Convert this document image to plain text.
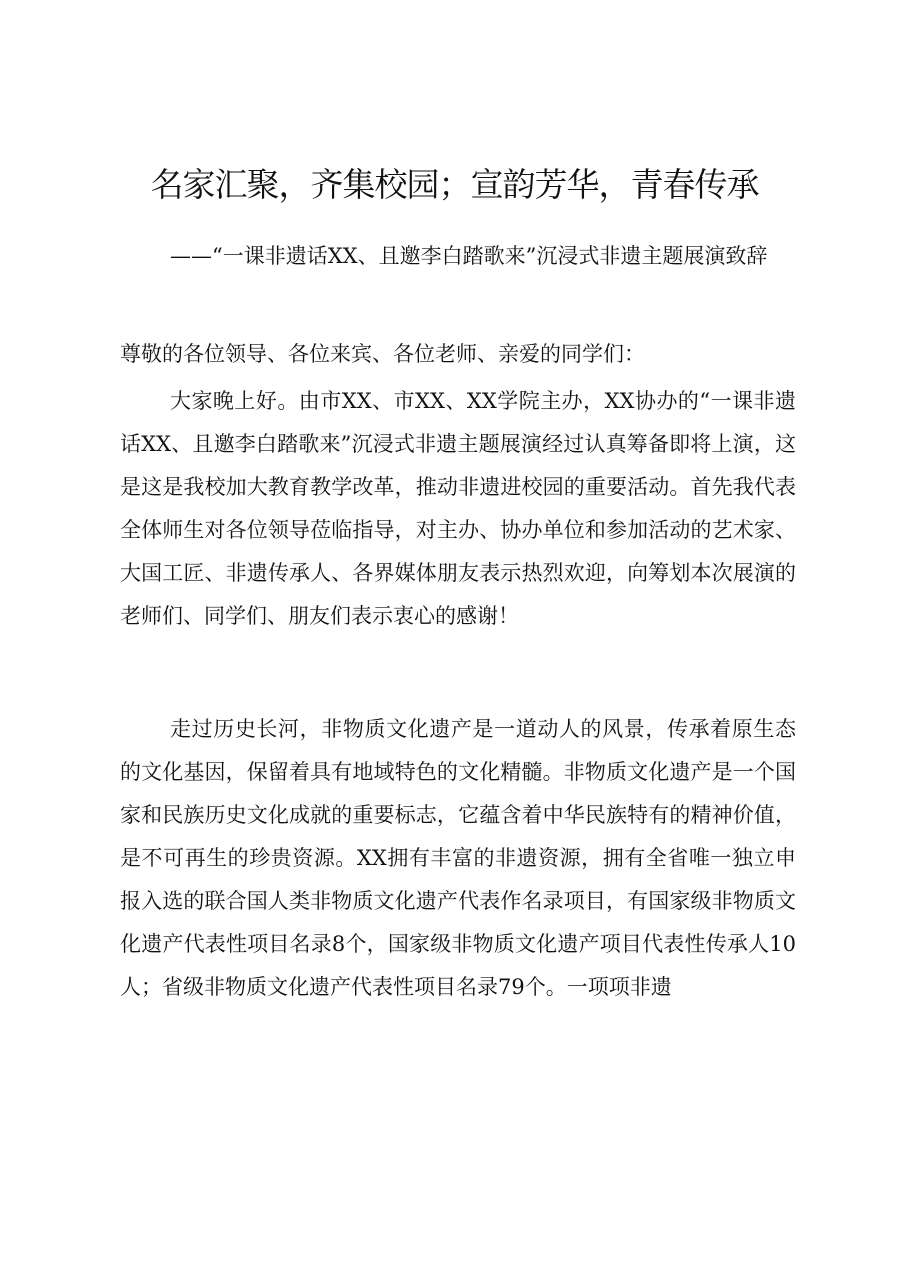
名家汇聚，齐集校园；宣韵芳华，青春传承

——“一课非遗话XX、且邀李白踏歌来”沉浸式非遗主题展演致辞

尊敬的各位领导、各位来宾、各位老师、亲爱的同学们：

大家晚上好。由市XX、市XX、XX学院主办，XX协办的“一课非遗话XX、且邀李白踏歌来”沉浸式非遗主题展演经过认真筹备即将上演，这是这是我校加大教育教学改革，推动非遗进校园的重要活动。首先我代表全体师生对各位领导莅临指导，对主办、协办单位和参加活动的艺术家、大国工匠、非遗传承人、各界媒体朋友表示热烈欢迎，向筹划本次展演的老师们、同学们、朋友们表示衷心的感谢！

走过历史长河，非物质文化遗产是一道动人的风景，传承着原生态的文化基因，保留着具有地域特色的文化精髓。非物质文化遗产是一个国家和民族历史文化成就的重要标志，它蕴含着中华民族特有的精神价值，是不可再生的珍贵资源。XX拥有丰富的非遗资源，拥有全省唯一独立申报入选的联合国人类非物质文化遗产代表作名录项目，有国家级非物质文化遗产代表性项目名录8个，国家级非物质文化遗产项目代表性传承人10人；省级非物质文化遗产代表性项目名录79个。一项项非遗
